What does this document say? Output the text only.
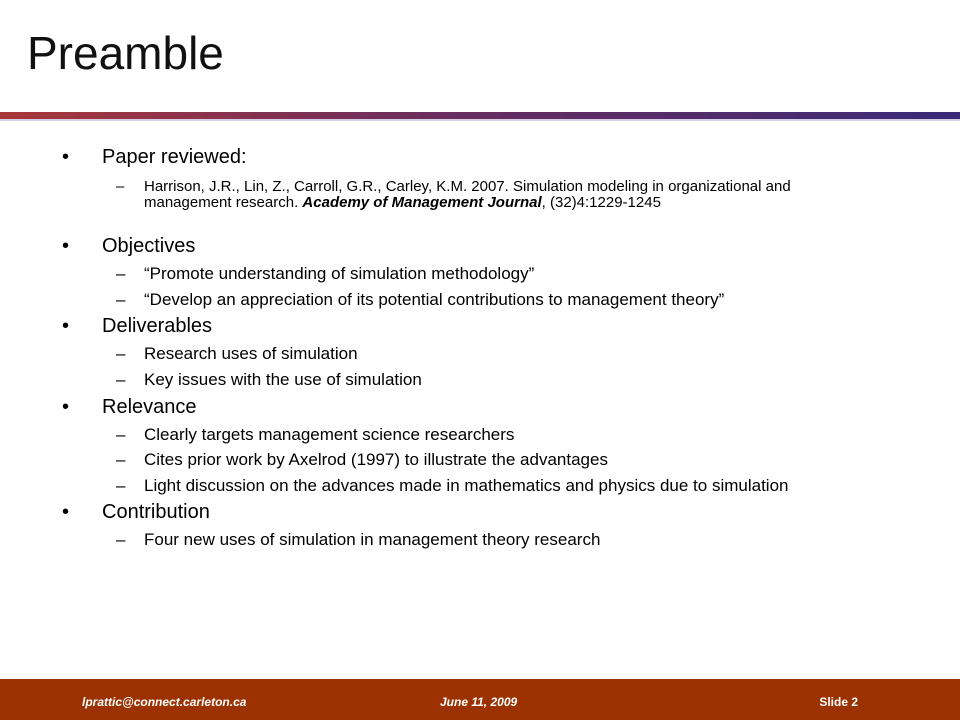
Preamble
• Paper reviewed:
– Harrison, J.R., Lin, Z., Carroll, G.R., Carley, K.M. 2007. Simulation modeling in organizational and management research. Academy of Management Journal, (32)4:1229-1245
• Objectives
– “Promote understanding of simulation methodology”
– “Develop an appreciation of its potential contributions to management theory”
• Deliverables
– Research uses of simulation
– Key issues with the use of simulation
• Relevance
– Clearly targets management science researchers
– Cites prior work by Axelrod (1997) to illustrate the advantages
– Light discussion on the advances made in mathematics and physics due to simulation
• Contribution
– Four new uses of simulation in management theory research
lprattic@connect.carleton.ca	June 11, 2009	Slide 2
